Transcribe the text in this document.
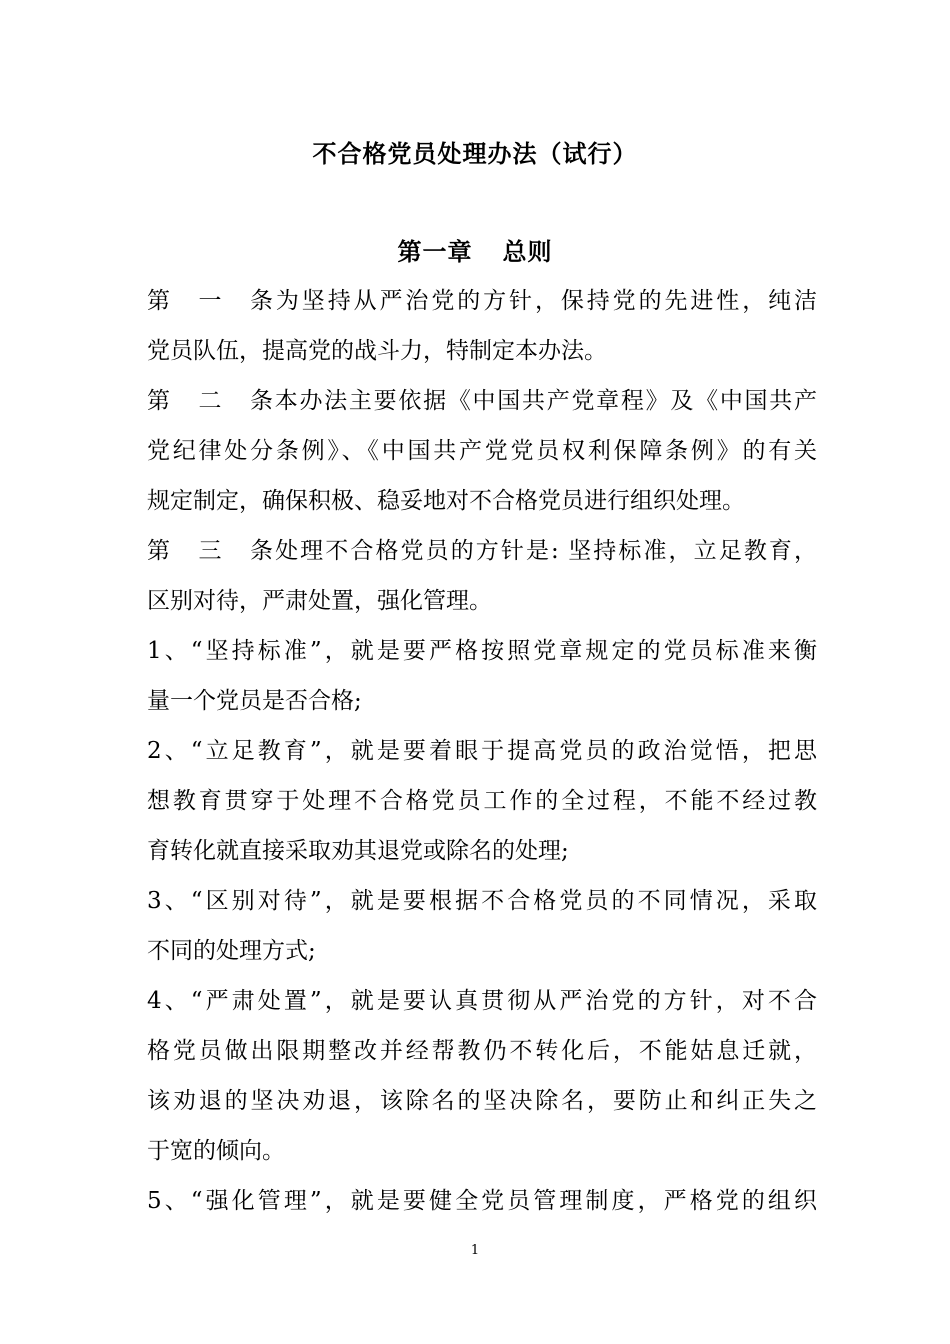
不合格党员处理办法（试行）
第一章 总则
第一条为坚持从严治党的方针，保持党的先进性，纯洁
党员队伍，提高党的战斗力，特制定本办法。
第二条本办法主要依据《中国共产党章程》及《中国共产
党纪律处分条例》、《中国共产党党员权利保障条例》的有关
规定制定，确保积极、稳妥地对不合格党员进行组织处理。
第三条处理不合格党员的方针是: 坚持标准，立足教育，
区别对待，严肃处置，强化管理。
1、“坚持标准”，就是要严格按照党章规定的党员标准来衡
量一个党员是否合格;
2、“立足教育”，就是要着眼于提高党员的政治觉悟，把思
想教育贯穿于处理不合格党员工作的全过程，不能不经过教
育转化就直接采取劝其退党或除名的处理;
3、“区别对待”，就是要根据不合格党员的不同情况，采取
不同的处理方式;
4、“严肃处置”，就是要认真贯彻从严治党的方针，对不合
格党员做出限期整改并经帮教仍不转化后，不能姑息迁就，
该劝退的坚决劝退，该除名的坚决除名，要防止和纠正失之
于宽的倾向。
5、“强化管理”，就是要健全党员管理制度，严格党的组织
1
